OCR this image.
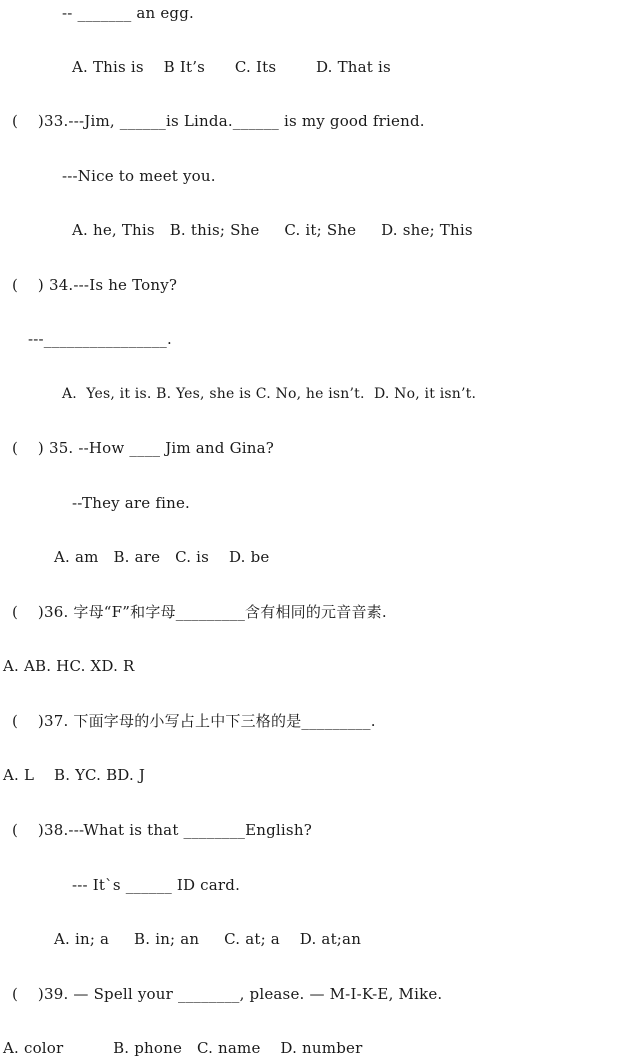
-- _______ an egg.
A. This is    B It’s      C. Its        D. That is
(    )33.---Jim, ______is Linda.______ is my good friend.
---Nice to meet you.
A. he, This   B. this; She     C. it; She     D. she; This
(    ) 34.---Is he Tony?
---________________.
A.  Yes, it is. B. Yes, she is C. No, he isn’t.  D. No, it isn’t.
(    ) 35. --How ____ Jim and Gina?
--They are fine.
A. am   B. are   C. is    D. be
(    )36. 字母“F”和字母_________含有相同的元音音素.
A. AB. HC. XD. R
(    )37. 下面字母的小写占上中下三格的是_________.
A. L    B. YC. BD. J
(    )38.---What is that ________English?
--- It`s ______ ID card.
A. in; a     B. in; an     C. at; a    D. at;an
(    )39. — Spell your ________, please. — M-I-K-E, Mike.
A. color          B. phone   C. name    D. number
